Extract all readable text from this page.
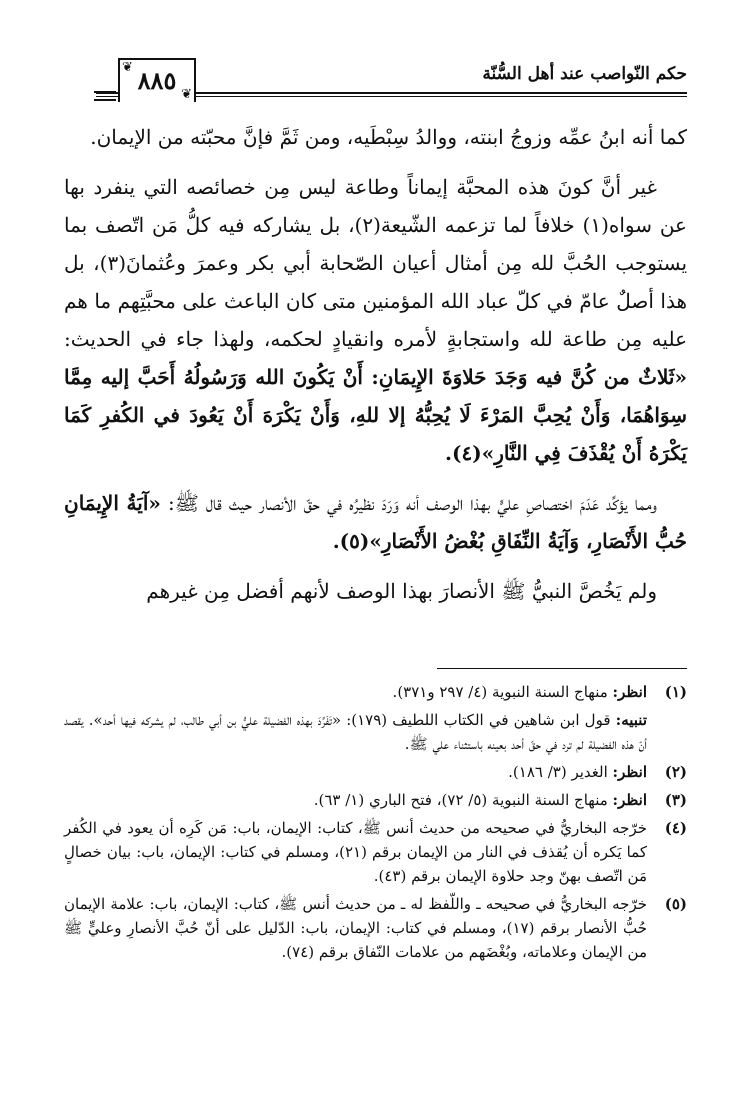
حكم النّواصب عند أهل السُّنّة
❦ ٨٨٥ ❦

كما أنه ابنُ عمِّه وزوجُ ابنته، ووالدُ سِبْطَيه، ومن ثَمَّ فإنَّ محبّته من الإيمان.

غير أنَّ كونَ هذه المحبَّة إيماناً وطاعة ليس مِن خصائصه التي ينفرد بها عن سواه(١) خلافاً لما تزعمه الشّيعة(٢)، بل يشاركه فيه كلُّ مَن اتّصف بما يستوجب الحُبَّ لله مِن أمثال أعيان الصّحابة أبي بكر وعمرَ وعُثمانَ(٣)، بل هذا أصلٌ عامّ في كلّ عباد الله المؤمنين متى كان الباعث على محبَّتِهم ما هم عليه مِن طاعة لله واستجابةٍ لأمره وانقيادٍ لحكمه، ولهذا جاء في الحديث: «ثَلاثٌ من كُنَّ فيه وَجَدَ حَلاوَةَ الإِيمَانِ: أَنْ يَكُونَ الله وَرَسُولُهُ أَحَبَّ إليه مِمَّا سِوَاهُمَا، وَأَنْ يُحِبَّ المَرْءَ لَا يُحِبُّهُ إلا للهِ، وَأَنْ يَكْرَهَ أَنْ يَعُودَ في الكُفرِ كَمَا يَكْرَهُ أَنْ يُقْذَفَ فِي النَّارِ»(٤).

ومما يؤكِّد عَدَمَ اختصاصِ عليٍّ بهذا الوصف أنه وَرَدَ نظيرُه في حقّ الأنصار حيث قال ﷺ: «آيَةُ الإِيمَانِ حُبُّ الأَنْصَارِ، وَآيَةُ النِّفَاقِ بُغْضُ الأَنْصَارِ»(٥).

ولم يَخُصَّ النبيُّ ﷺ الأنصارَ بهذا الوصف لأنهم أفضل مِن غيرهم

(١)
انظر: منهاج السنة النبوية (٤/ ٢٩٧ و٣٧١).
تنبيه: قول ابن شاهين في الكتاب اللطيف (١٧٩): «تَفَرَّدَ بهذه الفضيلة عليُّ بن أبي طالب، لم يشركه فيها أحد». يقصد أنّ هذه الفضيلة لم ترد في حقّ أحد بعينه باستثناء علي ﷺ.
(٢)
انظر: الغدير (٣/ ١٨٦).
(٣)
انظر: منهاج السنة النبوية (٥/ ٧٢)، فتح الباري (١/ ٦٣).
(٤)
خرّجه البخاريُّ في صحيحه من حديث أنس ﷺ، كتاب: الإيمان، باب: مَن كَرِه أن يعود في الكُفر كما يَكره أن يُقذف في النار من الإيمان برقم (٢١)، ومسلم في كتاب: الإيمان، باب: بيان خصالٍ مَن اتّصف بهنّ وجد حلاوة الإيمان برقم (٤٣).
(٥)
خرّجه البخاريُّ في صحيحه ـ واللّفظ له ـ من حديث أنس ﷺ، كتاب: الإيمان، باب: علامة الإيمان حُبُّ الأنصار برقم (١٧)، ومسلم في كتاب: الإيمان، باب: الدّليل على أنّ حُبَّ الأنصارِ وعليٍّ ﷺ من الإيمان وعلاماته، وبُغْضَهم من علامات النّفاق برقم (٧٤).
